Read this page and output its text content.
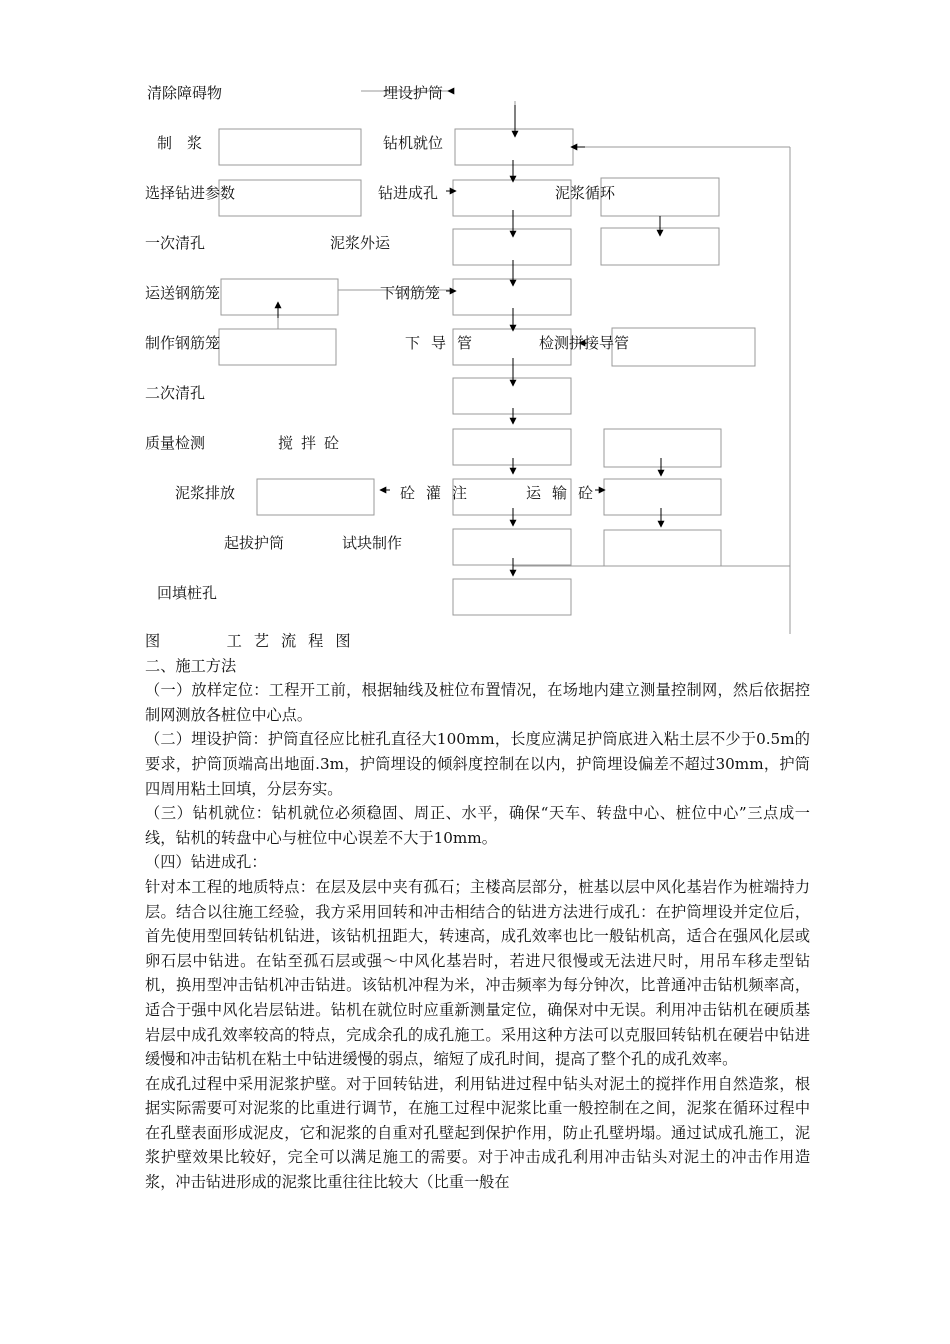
清除障碍物	埋设护筒
制　浆	钻机就位
选择钻进参数	钻进成孔	泥浆循环
一次清孔	泥浆外运
运送钢筋笼	下钢筋笼
制作钢筋笼	下导管	检测拼接导管
二次清孔
质量检测	搅拌砼
泥浆排放	砼灌注	运输砼
起拔护筒	试块制作
回填桩孔

图　　工艺流程图

二、施工方法

（一）放样定位：工程开工前，根据轴线及桩位布置情况，在场地内建立测量控制网，然后依据控制网测放各桩位中心点。

（二）埋设护筒：护筒直径应比桩孔直径大100mm，长度应满足护筒底进入粘土层不少于0.5m的要求，护筒顶端高出地面.3m，护筒埋设的倾斜度控制在以内，护筒埋设偏差不超过30mm，护筒四周用粘土回填，分层夯实。

（三）钻机就位：钻机就位必须稳固、周正、水平，确保“天车、转盘中心、桩位中心”三点成一线，钻机的转盘中心与桩位中心误差不大于10mm。

（四）钻进成孔：

针对本工程的地质特点：在层及层中夹有孤石；主楼高层部分，桩基以层中风化基岩作为桩端持力层。结合以往施工经验，我方采用回转和冲击相结合的钻进方法进行成孔：在护筒埋设并定位后，首先使用型回转钻机钻进，该钻机扭距大，转速高，成孔效率也比一般钻机高，适合在强风化层或卵石层中钻进。在钻至孤石层或强～中风化基岩时，若进尺很慢或无法进尺时，用吊车移走型钻机，换用型冲击钻机冲击钻进。该钻机冲程为米，冲击频率为每分钟次，比普通冲击钻机频率高，适合于强中风化岩层钻进。钻机在就位时应重新测量定位，确保对中无误。利用冲击钻机在硬质基岩层中成孔效率较高的特点，完成余孔的成孔施工。采用这种方法可以克服回转钻机在硬岩中钻进缓慢和冲击钻机在粘土中钻进缓慢的弱点，缩短了成孔时间，提高了整个孔的成孔效率。

在成孔过程中采用泥浆护壁。对于回转钻进，利用钻进过程中钻头对泥土的搅拌作用自然造浆，根据实际需要可对泥浆的比重进行调节，在施工过程中泥浆比重一般控制在之间，泥浆在循环过程中在孔壁表面形成泥皮，它和泥浆的自重对孔壁起到保护作用，防止孔壁坍塌。通过试成孔施工，泥浆护壁效果比较好，完全可以满足施工的需要。对于冲击成孔利用冲击钻头对泥土的冲击作用造浆，冲击钻进形成的泥浆比重往往比较大（比重一般在
